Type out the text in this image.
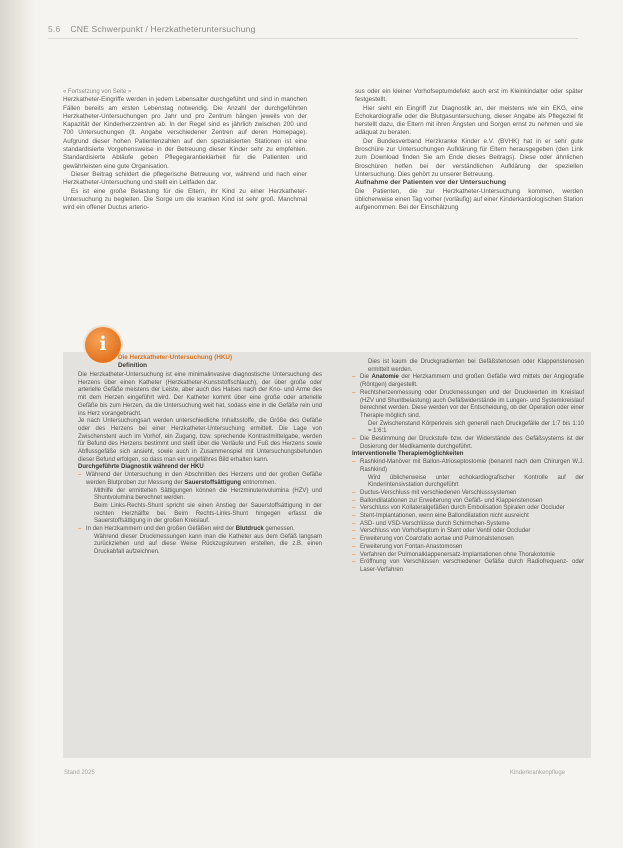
5.6 CNE Schwerpunkt / Herzkatheteruntersuchung

« Fortsetzung von Seite »

Herzkatheter-Eingriffe werden in jedem Lebensalter durchgeführt und sind in manchen Fällen bereits am ersten Lebenstag notwendig. Die Anzahl der durchgeführten Herzkatheter-Untersuchungen pro Jahr und pro Zentrum hängen jeweils von der Kapazität der Kinderherzzentren ab. In der Regel sind es jährlich zwischen 200 und 700 Untersuchungen (lt. Angabe verschiedener Zentren auf deren Homepage). Aufgrund dieser hohen Patientenzahlen auf den spezialisierten Stationen ist eine standardisierte Vorgehensweise in der Betreuung dieser Kinder sehr zu empfehlen. Standardisierte Abläufe geben Pflegegarantieklarheit für die Patienten und gewährleisten eine gute Organisation.

Dieser Beitrag schildert die pflegerische Betreuung vor, während und nach einer Herzkatheter-Untersuchung und stellt ein Leitfaden dar.

Es ist eine große Belastung für die Eltern, ihr Kind zu einer Herzkatheter-Untersuchung zu begleiten. Die Sorge um die kranken Kind ist sehr groß. Manchmal wird ein offener Ductus arterio-

sus oder ein kleiner Vorhofseptumdefekt auch erst im Kleinkindalter oder später festgestellt.

Hier sieht ein Eingriff zur Diagnostik an, der meistens wie ein EKG, eine Echokardiografie oder die Blutgasuntersuchung, dieser Angabe als Pflegeziel fit herstellt dazu, die Eltern mit ihren Ängsten und Sorgen ernst zu nehmen und sie adäquat zu beraten.

Der Bundesverband Herzkranke Kinder e.V. (BVHK) hat in er sehr gute Broschüre zur Untersuchungen Aufklärung für Eltern herausgegeben (den Link zum Download finden Sie am Ende dieses Beitrags). Diese oder ähnlichen Broschüren helfen bei der verständlichen Aufklärung der speziellen Untersuchung. Dies gehört zu unserer Betreuung.

Aufnahme der Patienten vor der Untersuchung

Die Patienten, die zur Herzkatheter-Untersuchung kommen, werden üblicherweise einen Tag vorher (vorläufig) auf einer Kinderkardiologischen Station aufgenommen. Bei der Einschätzung

i
Die Herzkatheter-Untersuchung (HKU)
Definition

Die Herzkatheter-Untersuchung ist eine minimalinvasive diagnostische Untersuchung des Herzens über einen Katheter (Herzkatheter-Kunststoffschlauch), der über große oder arterielle Gefäße meistens der Leiste, aber auch des Halses nach der Kno- und Arme des mit dem Herzen eingeführt wird. Der Katheter kommt über eine große oder arterielle Gefäße bis zum Herzen, da die Untersuchung weit hat, sodass eine in die Gefäße rein und ins Herz vorangebracht.

Je nach Untersuchungsart werden unterschiedliche Inhaltsstoffe, die Größe des Gefäße oder des Herzens bei einer Herzkatheter-Untersuchung ermittelt. Die Lage von Zwischenstent auch im Vorhof, ein Zugang, bzw. sprechende Kontrastmittelgabe, werden für Befund des Herzens bestimmt und stellt über die Verläufe und Fuß des Herzens sowie Abflussgefäße sich ansieht, sowie auch in Zusammenspiel mit Untersuchungsbefunden dieser Befund erfolgen, so dass man ein ungefähres Bild erhalten kann.

Durchgeführte Diagnostik während der HKU

– Während der Untersuchung in den Abschnitten des Herzens und der großen Gefäße werden Blutproben zur Messung der Sauerstoffsättigung entnommen.

Mithilfe der ermittelten Sättigungen können die Herzminutenvolumina (HZV) und Shuntvolumina berechnet werden.

Beim Links-Rechts-Shunt spricht sie einen Anstieg der Sauerstoffsättigung in der rechten Herzhälfte bei. Beim Rechts-Links-Shunt hingegen erfasst die Sauerstoffsättigung in der großen Kreislauf.

– In den Herzkammern und den großen Gefäßen wird der Blutdruck gemessen.

Während dieser Druckmessungen kann man die Katheter aus dem Gefäß langsam zurückziehen und auf diese Weise Rückzugskurven erstellen, die z.B. einen Druckabfall aufzeichnen.

Dies ist kaum die Druckgradienten bei Gefäßstenosen oder Klappenstenosen ermittelt werden.

– Die Anatomie der Herzkammern und großen Gefäße wird mittels der Angiografie (Röntgen) dargestellt.

– Rechtsherzenmessung oder Druckmessungen und der Druckwerten im Kreislauf (HZV und Shuntbelastung) auch Gefäßwiderstände im Lungen- und Systemkreislauf berechnet werden. Diese werden vor der Entscheidung, ob der Operation oder einer Therapie möglich sind.

Der Zwischenstand Körperkreis sich generell nach Druckgefälle der 1:7 bis 1:10 = 1:6:1

– Die Bestimmung der Druckstufe bzw. der Widerstände des Gefäßsystems ist der Dosierung der Medikamente durchgeführt.

Interventionelle Therapiemöglichkeiten

– Rashkind-Manöver mit Ballon-Atrioseptostomie (benannt nach dem Chirurgen W.J. Rashkind)

Wird üblicherweise unter echokardiografischer Kontrolle auf der Kinderintensivstation durchgeführt

– Ductus-Verschluss mit verschiedenen Verschlusssystemen

– Ballondilatationen zur Erweiterung von Gefäß- und Klappenstenosen

– Verschluss von Kollateralgefäßen durch Embolisation Spiralen oder Occluder

– Stent-Implantationen, wenn eine Ballondilatation nicht ausreicht

– ASD- und VSD-Verschlüsse durch Schirmchen-Systeme

– Verschluss von Vorhofseptum in Stent oder Ventil oder Occluder

– Erweiterung von Coarctatio aortae und Pulmonalstenosen

– Erweiterung von Fontan-Anastomosen

– Verfahren der Pulmonalklappenersatz-Implantationen ohne Thorakotomie

– Eröffnung von Verschlüssen verschiedener Gefäße durch Radiofrequenz- oder Laser-Verfahren

Stand 2025	Kinderkrankenpflege
